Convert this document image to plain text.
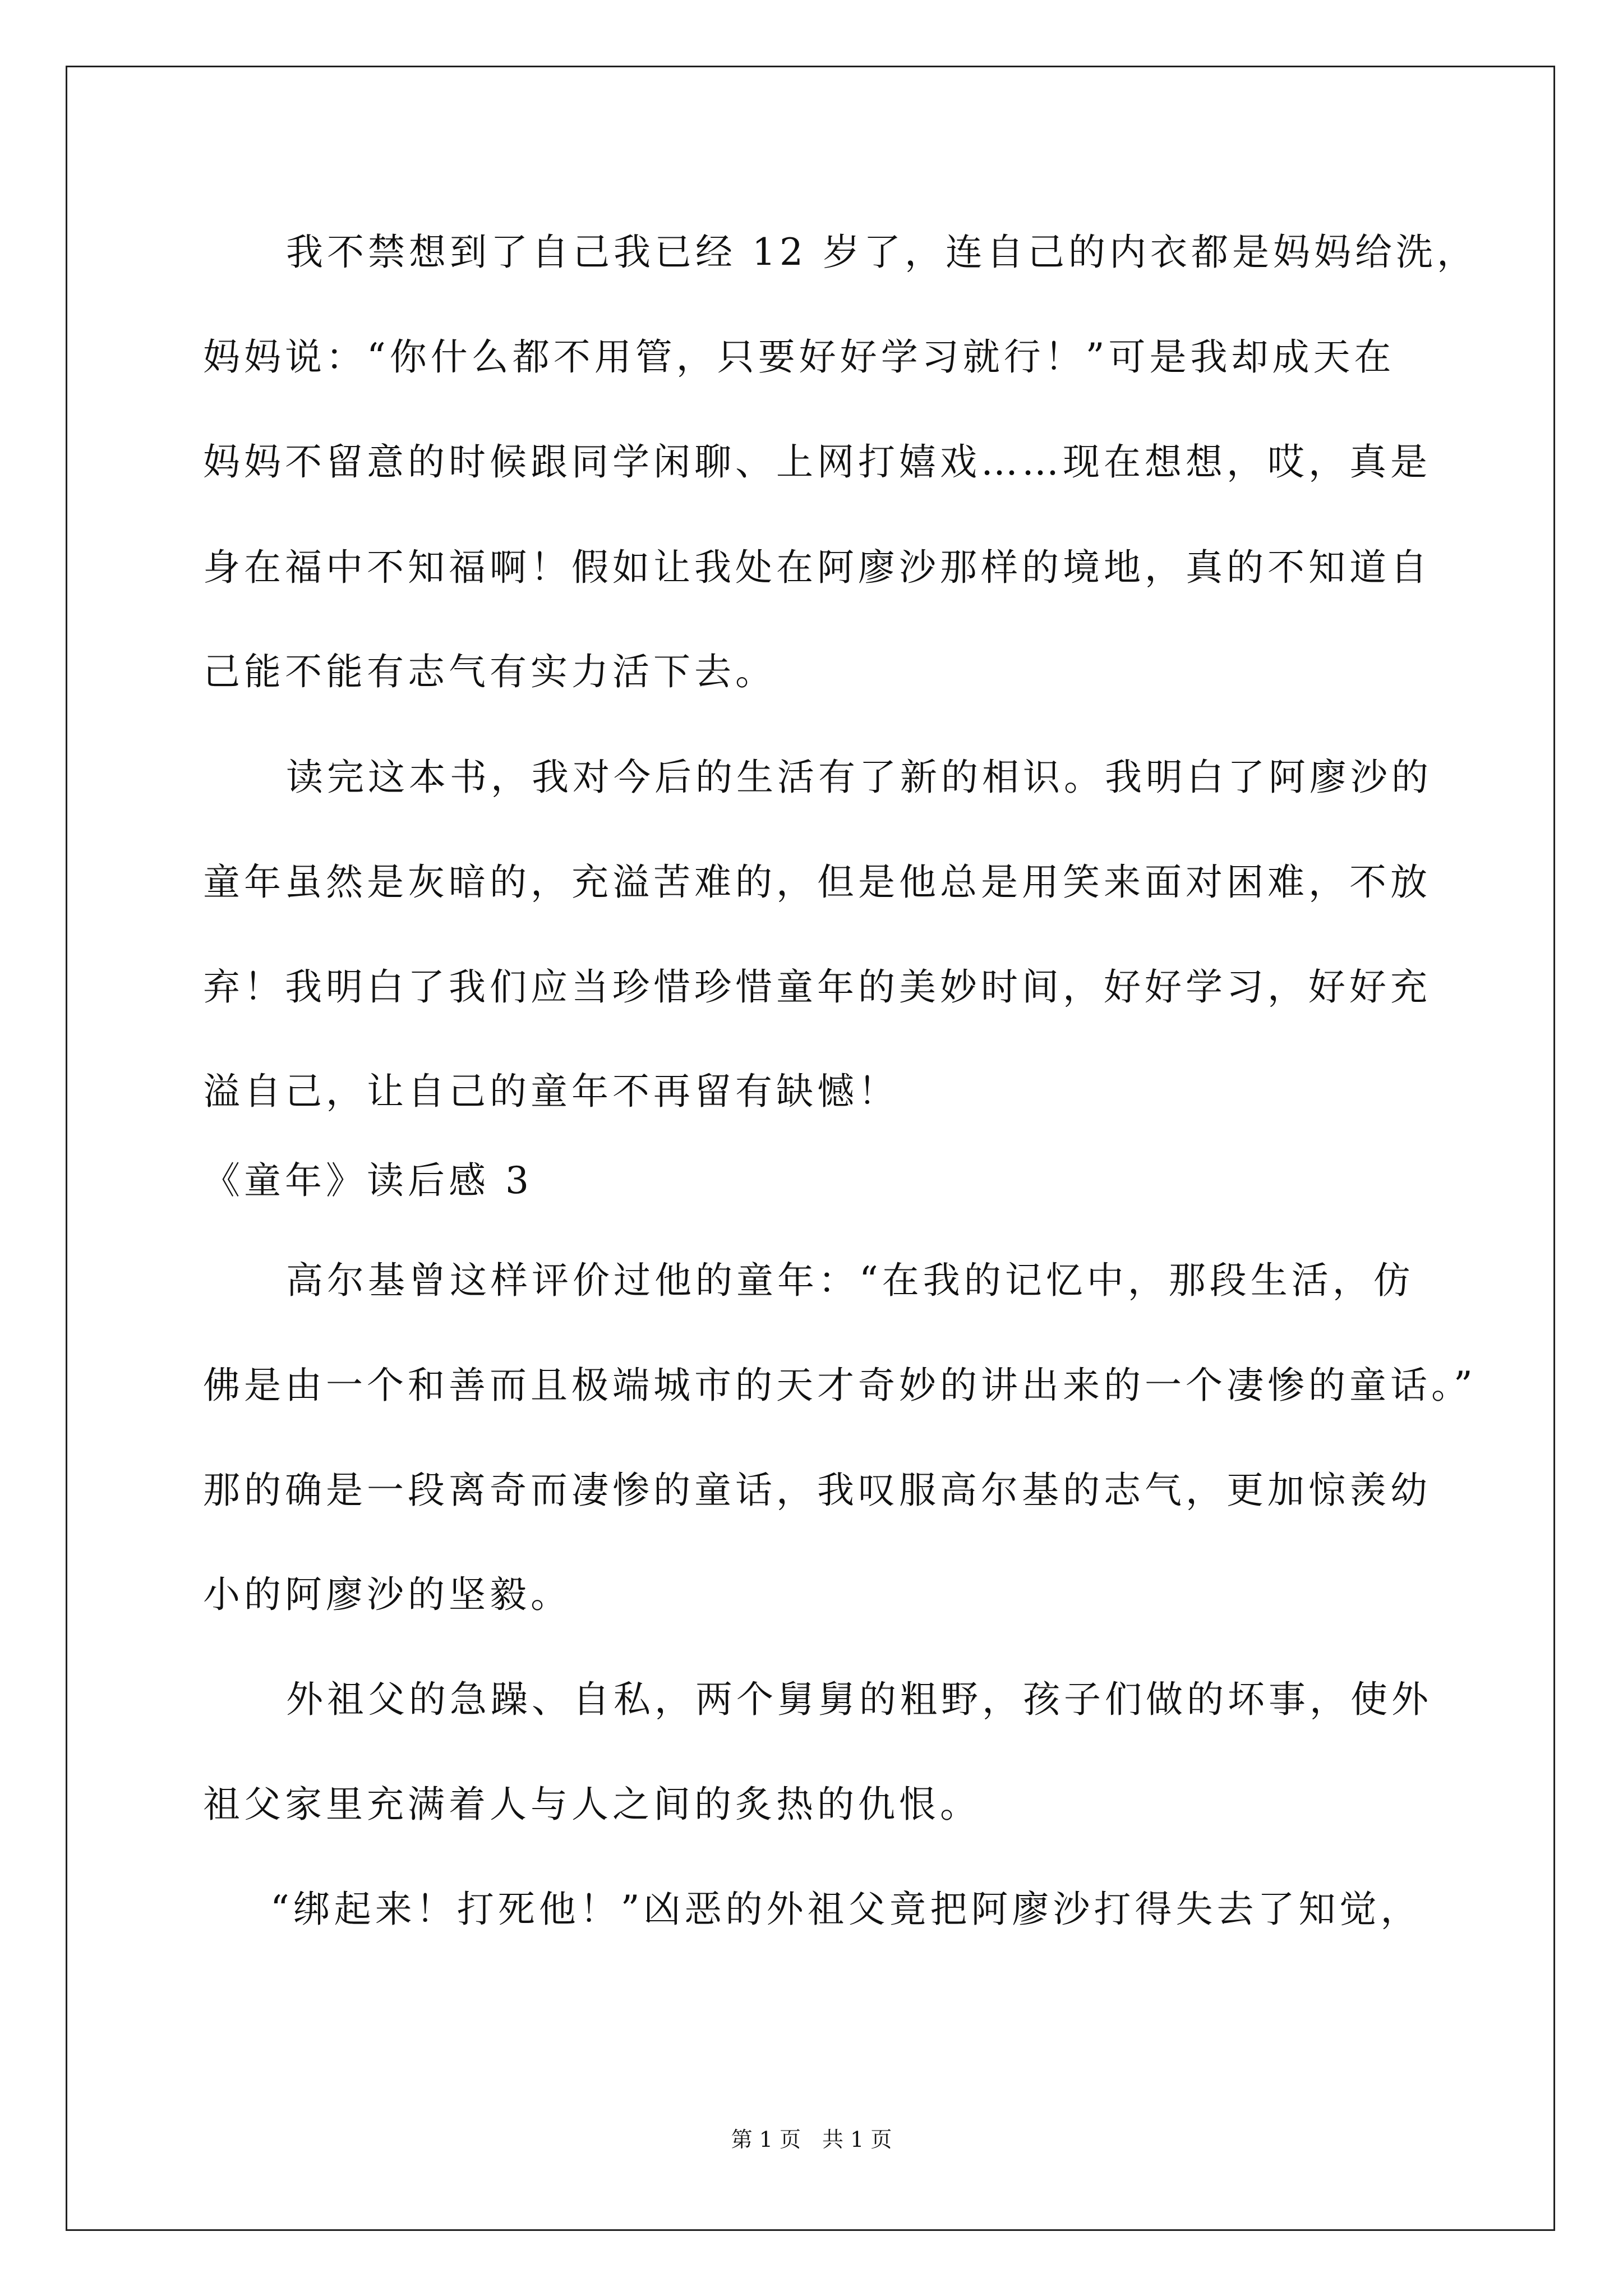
我不禁想到了自己我已经 12 岁了，连自己的内衣都是妈妈给洗，
妈妈说：“你什么都不用管，只要好好学习就行！”可是我却成天在
妈妈不留意的时候跟同学闲聊、上网打嬉戏……现在想想，哎，真是
身在福中不知福啊！假如让我处在阿廖沙那样的境地，真的不知道自
己能不能有志气有实力活下去。
读完这本书，我对今后的生活有了新的相识。我明白了阿廖沙的
童年虽然是灰暗的，充溢苦难的，但是他总是用笑来面对困难，不放
弃！我明白了我们应当珍惜珍惜童年的美妙时间，好好学习，好好充
溢自己，让自己的童年不再留有缺憾！
《童年》读后感 3
高尔基曾这样评价过他的童年：“在我的记忆中，那段生活，仿
佛是由一个和善而且极端城市的天才奇妙的讲出来的一个凄惨的童话。”
那的确是一段离奇而凄惨的童话，我叹服高尔基的志气，更加惊羡幼
小的阿廖沙的坚毅。
外祖父的急躁、自私，两个舅舅的粗野，孩子们做的坏事，使外
祖父家里充满着人与人之间的炙热的仇恨。
“绑起来！打死他！”凶恶的外祖父竟把阿廖沙打得失去了知觉，
第 1 页　共 1 页
